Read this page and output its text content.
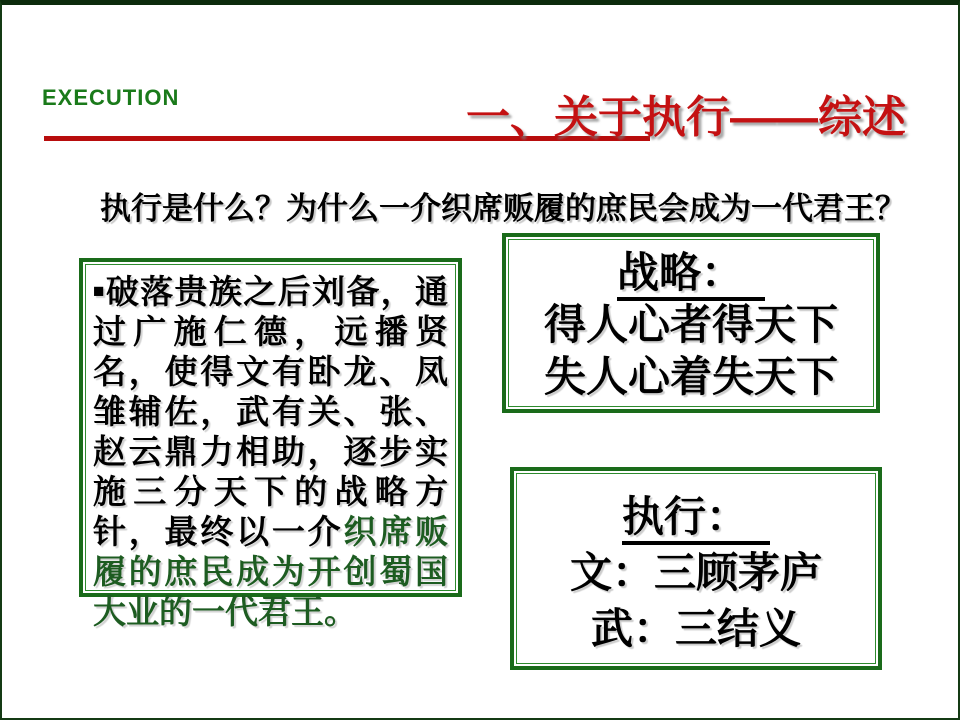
EXECUTION	一、关于执行——综述
执行是什么？为什么一介织席贩履的庶民会成为一代君王？

■破落贵族之后刘备，通过广施仁德，远播贤名，使得文有卧龙、凤雏辅佐，武有关、张、赵云鼎力相助，逐步实施三分天下的战略方针，最终以一介织席贩履的庶民成为开创蜀国大业的一代君王。

战略：
得人心者得天下
失人心着失天下
执行：
文：三顾茅庐
武：三结义
